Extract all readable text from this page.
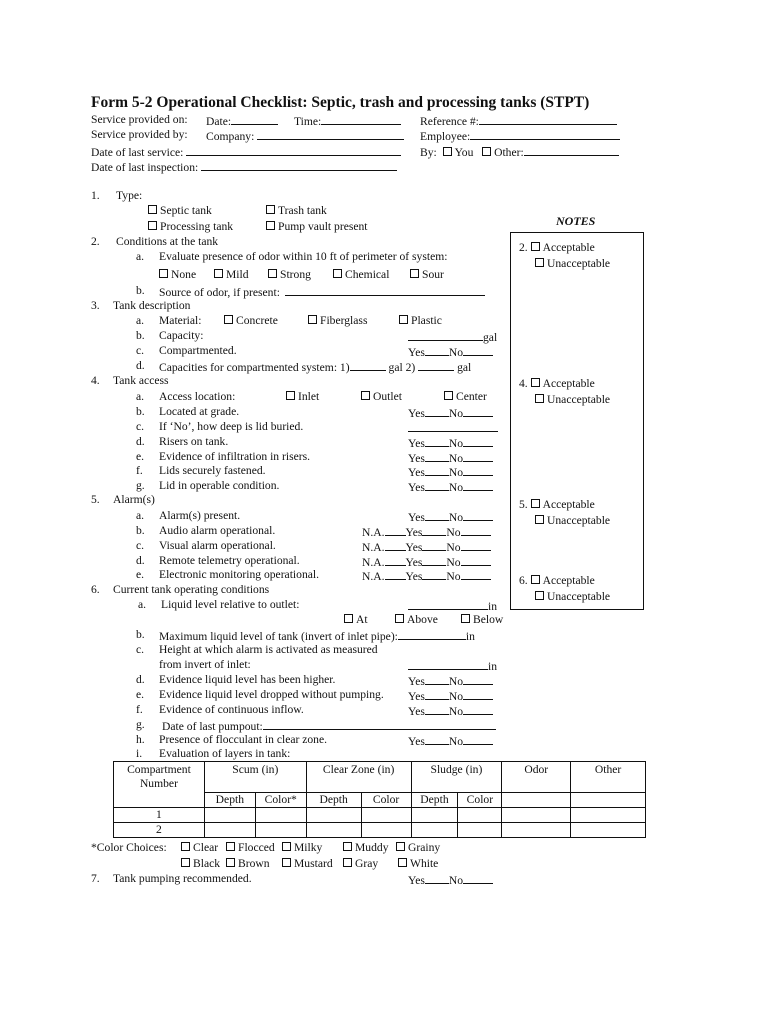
Form 5-2 Operational Checklist: Septic, trash and processing tanks (STPT)
Service provided on: Date:	Time:	Reference #:
Service provided by: Company:	Employee:
Date of last service:	By: You Other:
Date of last inspection:
1. Type:
Septic tank	Trash tank
Processing tank	Pump vault present	NOTES
2. Acceptable
Unacceptable
4. Acceptable
Unacceptable
5. Acceptable
Unacceptable
6. Acceptable
Unacceptable
2. Conditions at the tank
a. Evaluate presence of odor within 10 ft of perimeter of system:
None	Mild	Strong	Chemical	Sour
b. Source of odor, if present:
3. Tank description
a. Material:	Concrete	Fiberglass	Plastic
b. Capacity:	gal
c. Compartmented.	Yes No
d. Capacities for compartmented system: 1)	gal 2)	gal
4. Tank access
a. Access location:	Inlet	Outlet	Center
b. Located at grade.	Yes No
c. If ‘No’, how deep is lid buried.
d. Risers on tank.	Yes No
e. Evidence of infiltration in risers.	Yes No
f. Lids securely fastened.	Yes No
g. Lid in operable condition.	Yes No
5. Alarm(s)
a. Alarm(s) present.	Yes No
b. Audio alarm operational.	N.A. Yes No
c. Visual alarm operational.	N.A. Yes No
d. Remote telemetry operational.	N.A. Yes No
e. Electronic monitoring operational.	N.A. Yes No
6. Current tank operating conditions
a. Liquid level relative to outlet:	in
At	Above	Below
b. Maximum liquid level of tank (invert of inlet pipe):	in
c. Height at which alarm is activated as measured
from invert of inlet:	in
d. Evidence liquid level has been higher.	Yes No
e. Evidence liquid level dropped without pumping. Yes No
f. Evidence of continuous inflow.	Yes No
g. Date of last pumpout:
h. Presence of flocculant in clear zone.	Yes No
i. Evaluation of layers in tank:
Compartment
Number	Scum (in)		Clear Zone (in)		Sludge (in)		Odor	Other
	Depth	Color*	Depth	Color	Depth	Color		
1								
2								
*Color Choices:	Clear	Flocced	Milky	Muddy	Grainy
Black	Brown	Mustard	Gray	White
7. Tank pumping recommended.	Yes No
